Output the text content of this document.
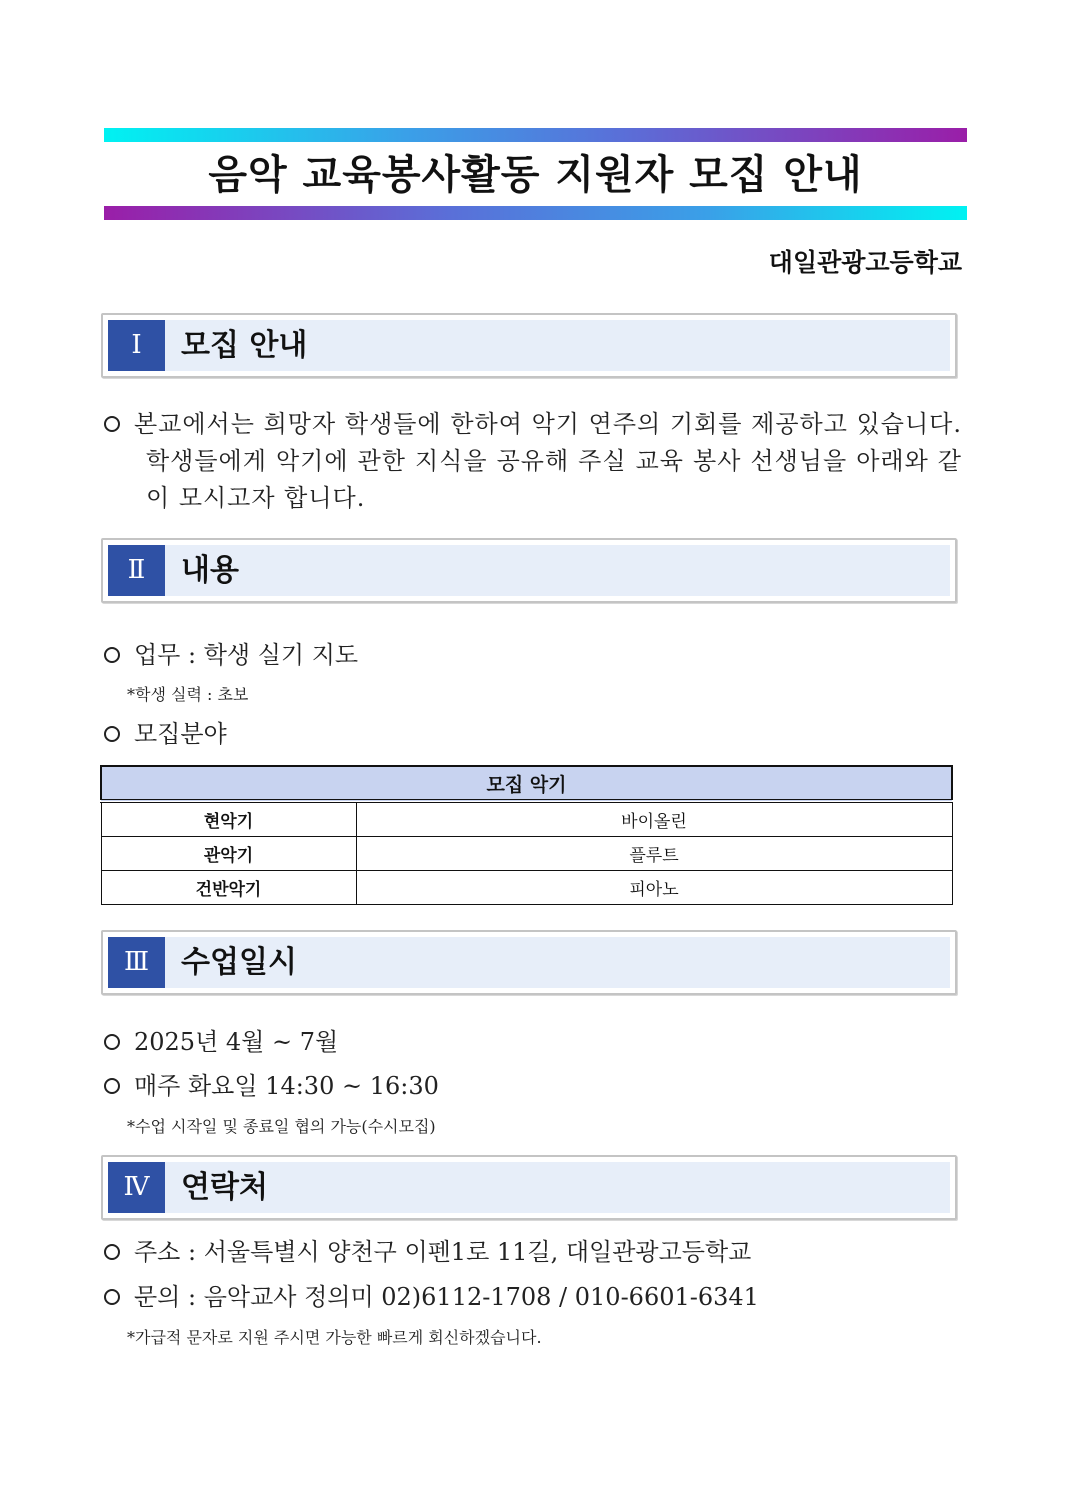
음악 교육봉사활동 지원자 모집 안내
대일관광고등학교
Ⅰ	모집 안내
본교에서는 희망자 학생들에 한하여 악기 연주의 기회를 제공하고 있습니다. 학생들에게 악기에 관한 지식을 공유해 주실 교육 봉사 선생님을 아래와 같이 모시고자 합니다.
Ⅱ	내용
업무 : 학생 실기 지도
*학생 실력 : 초보
모집분야
모집 악기	
현악기	바이올린
관악기	플루트
건반악기	피아노
Ⅲ	수업일시
2025년 4월 ~ 7월
매주 화요일 14:30 ~ 16:30
*수업 시작일 및 종료일 협의 가능(수시모집)
Ⅳ	연락처
주소 : 서울특별시 양천구 이펜1로 11길, 대일관광고등학교
문의 : 음악교사 정의미 02)6112-1708 / 010-6601-6341
*가급적 문자로 지원 주시면 가능한 빠르게 회신하겠습니다.
